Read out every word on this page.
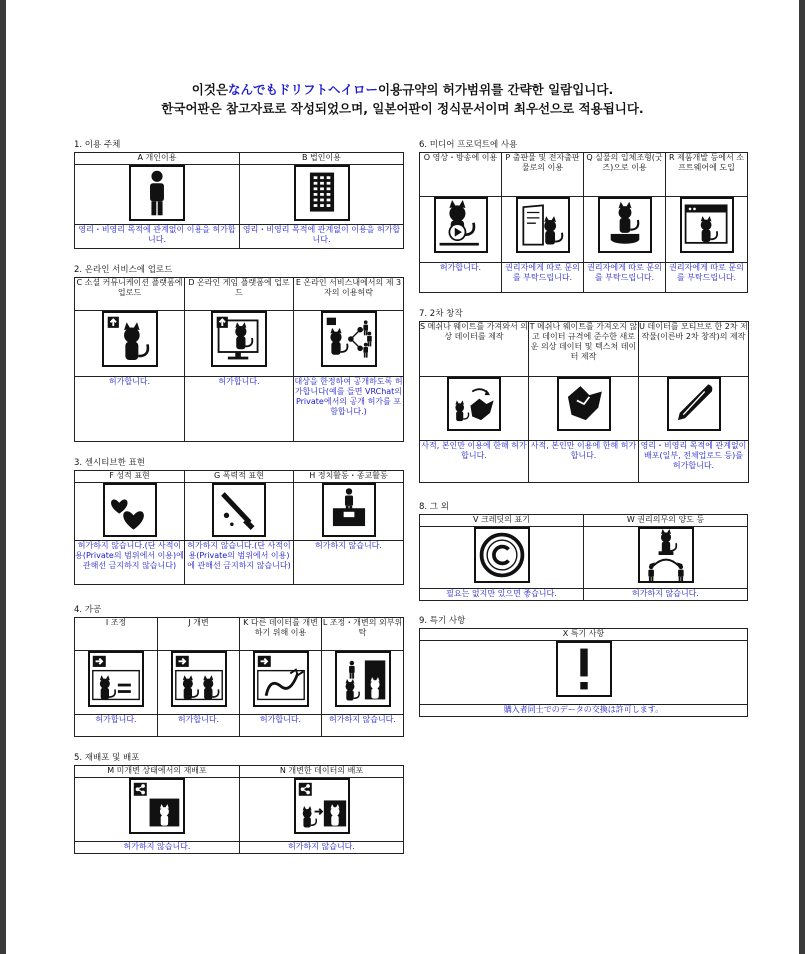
이것은なんでもドリフトヘイロー이용규약의 허가범위를 간략한 일람입니다.
한국어판은 참고자료로 작성되었으며, 일본어판이 정식문서이며 최우선으로 적용됩니다.
1. 이용 주체
A 개인이용	B 법인이용

영리・비영리 목적에 관계없이 이용을 허가합니다.	영리・비영리 목적에 관계없이 이용을 허가합니다.
2. 온라인 서비스에 업로드
C 소셜 커뮤니케이션 플랫폼에 업로드	D 온라인 게임 플랫폼에 업로드	E 온라인 서비스내에서의 제 3자의 이용허락

허가합니다.	허가합니다.	대상을 한정하여 공개하도록 허가합니다(예를 들면 VRChat의 Private에서의 공개 허가를 포함합니다.)
3. 센시티브한 표현
F 성적 표현	G 폭력적 표현	H 정치활동・종교활동

허가하지 않습니다.(단 사적이용(Private의 범위에서 이용)에 관해선 금지하지 않습니다)	허가하지 않습니다.(단 사적이용(Private의 범위에서 이용)에 관해선 금지하지 않습니다)	허가하지 않습니다.
4. 가공
I 조정	J 개변	K 다른 데이터를 개변하기 위해 이용	L 조정・개변의 외부위탁

허가합니다.	허가합니다.	허가합니다.	허가하지 않습니다.
5. 재배포 및 배포
M 미개변 상태에서의 재배포	N 개변한 데이터의 배포

허가하지 않습니다.	허가하지 않습니다.
6. 미디어 프로덕트에 사용
O 영상・방송에 이용	P 출판물 및 전자출판물로의 이용	Q 실물의 입체조형(굿즈)으로 이용	R 제품개발 등에서 소프트웨어에 도입

허가합니다.	권리자에게 따로 문의를 부탁드립니다.	권리자에게 따로 문의를 부탁드립니다.	권리자에게 따로 문의를 부탁드립니다.
7. 2차 창작
S 메쉬나 웨이트를 가져와서 의상 데이터를 제작	T 메쉬나 웨이트를 가져오지 않고 데이터 규격에 준수한 새로운 의상 데이터 및 텍스처 데이터 제작	U 데이터를 모티브로 한 2차 저작물(이른바 2차 창작)의 제작

사적, 본인만 이용에 한해 허가합니다.	사적, 본인만 이용에 한해 허가합니다.	영리・비영리 목적에 관계없이 배포(일부, 전체업로드 등)를 허가합니다.
8. 그 외
V 크레딧의 표기	W 권리의무의 양도 등

필요는 없지만 있으면 좋습니다.	허가하지 않습니다.
9. 특기 사항
X 특기 사항

購入者同士でのデータの交換は許可します。
